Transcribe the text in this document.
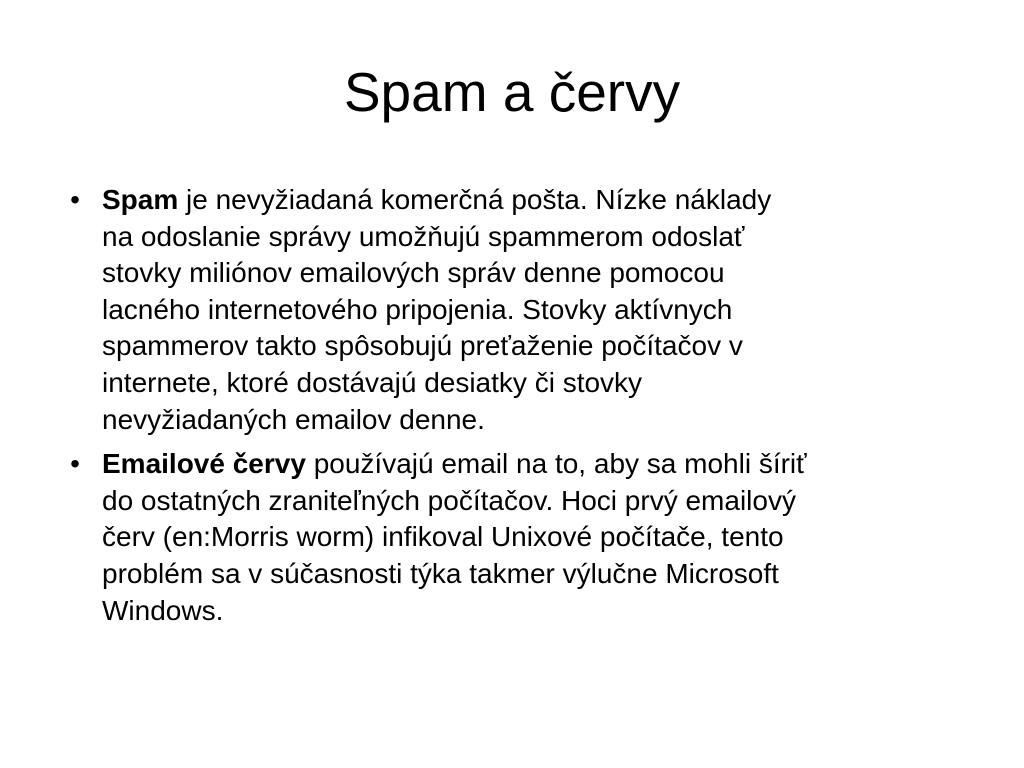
Spam a červy
• Spam je nevyžiadaná komerčná pošta. Nízke náklady
na odoslanie správy umožňujú spammerom odoslať
stovky miliónov emailových správ denne pomocou
lacného internetového pripojenia. Stovky aktívnych
spammerov takto spôsobujú preťaženie počítačov v
internete, ktoré dostávajú desiatky či stovky
nevyžiadaných emailov denne.
• Emailové červy používajú email na to, aby sa mohli šíriť
do ostatných zraniteľných počítačov. Hoci prvý emailový
červ (en:Morris worm) infikoval Unixové počítače, tento
problém sa v súčasnosti týka takmer výlučne Microsoft
Windows.
